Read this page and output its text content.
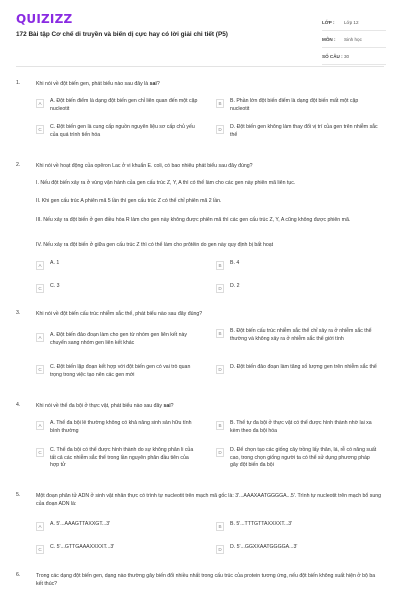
QUIZIZZ
172 Bài tập Cơ chế di truyền và biến dị cực hay có lời giải chi tiết (P5)
LỚP :	Lớp 12
MÔN :	Sinh học
SỐ CÂU : 30
1.	Khi nói về đột biến gen, phát biểu nào sau đây là sai?
A	A. Đột biến điểm là dạng đột biến gen chỉ liên quan đến một cặp nucleotit
B	B. Phần lớn đột biến điểm là dạng đột biến mất một cặp nucleotit
C	C. Đột biến gen là cung cấp nguồn nguyên liệu sơ cấp chủ yếu của quá trình tiến hóa
D	D. Đột biến gen không làm thay đổi vị trí của gen trên nhiễm sắc thể
2.	Khi nói về hoạt động của opêron Lac ở vi khuẩn E. coli, có bao nhiêu phát biểu sau đây đúng?
I. Nếu đột biến xảy ra ở vùng vận hành của gen cấu trúc Z, Y, A thì có thể làm cho các gen này phiên mã liên tục.
II. Khi gen cấu trúc A phiên mã 5 lần thì gen cấu trúc Z có thể chỉ phiên mã 2 lần.
III. Nếu xảy ra đột biến ở gen điều hòa R làm cho gen này không được phiên mã thì các gen cấu trúc Z, Y, A cũng không được phiên mã.
IV. Nếu xảy ra đột biến ở giữa gen cấu trúc Z thì có thể làm cho prôtêin do gen này quy định bị bất hoạt
A	A. 1	B	B. 4
C	C. 3	D	D. 2
3.	Khi nói về đột biến cấu trúc nhiễm sắc thể, phát biểu nào sau đây đúng?
A	A. Đột biến đảo đoạn làm cho gen từ nhóm gen liên kết này chuyển sang nhóm gen liên kết khác
B	B. Đột biến cấu trúc nhiễm sắc thể chỉ xảy ra ở nhiễm sắc thể thường và không xảy ra ở nhiễm sắc thể giới tính
C	C. Đột biến lặp đoạn kết hợp với đột biến gen có vai trò quan trọng trong việc tạo nên các gen mới
D	D. Đột biến đảo đoạn làm tăng số lượng gen trên nhiễm sắc thể
4.	Khi nói về thể đa bội ở thực vật, phát biểu nào sau đây sai?
A	A. Thể đa bội lẻ thường không có khả năng sinh sản hữu tính bình thường
B	B. Thể tự đa bội ở thực vật có thể được hình thành nhờ lai xa kèm theo đa bội hóa
C	C. Thể đa bội có thể được hình thành do sự không phân li của tất cả các nhiễm sắc thể trong lần nguyên phân đầu tiên của hợp tử
D	D. Để chọn tạo các giống cây trồng lấy thân, lá, rễ có năng suất cao, trong chọn giống người ta có thể sử dụng phương pháp gây đột biến đa bội
5.	Một đoạn phân tử ADN ở sinh vật nhân thực có trình tự nucleotit trên mạch mã gốc là: 3'...AAAXAATGGGGA...5'. Trình tự nucleotit trên mạch bổ sung của đoạn ADN là:
A	A. 5'...AAAGTTAXXGT...3'	B	B. 5'...TTTGTTAXXXXT...3'
C	C. 5'...GTTGAAAXXXXT...3'	D	D. 5'...GGXXAATGGGGA...3'
6.	Trong các dạng đột biến gen, dạng nào thường gây biến đổi nhiều nhất trong cấu trúc của protein tương ứng, nếu đột biến không xuất hiện ở bộ ba kết thúc?
